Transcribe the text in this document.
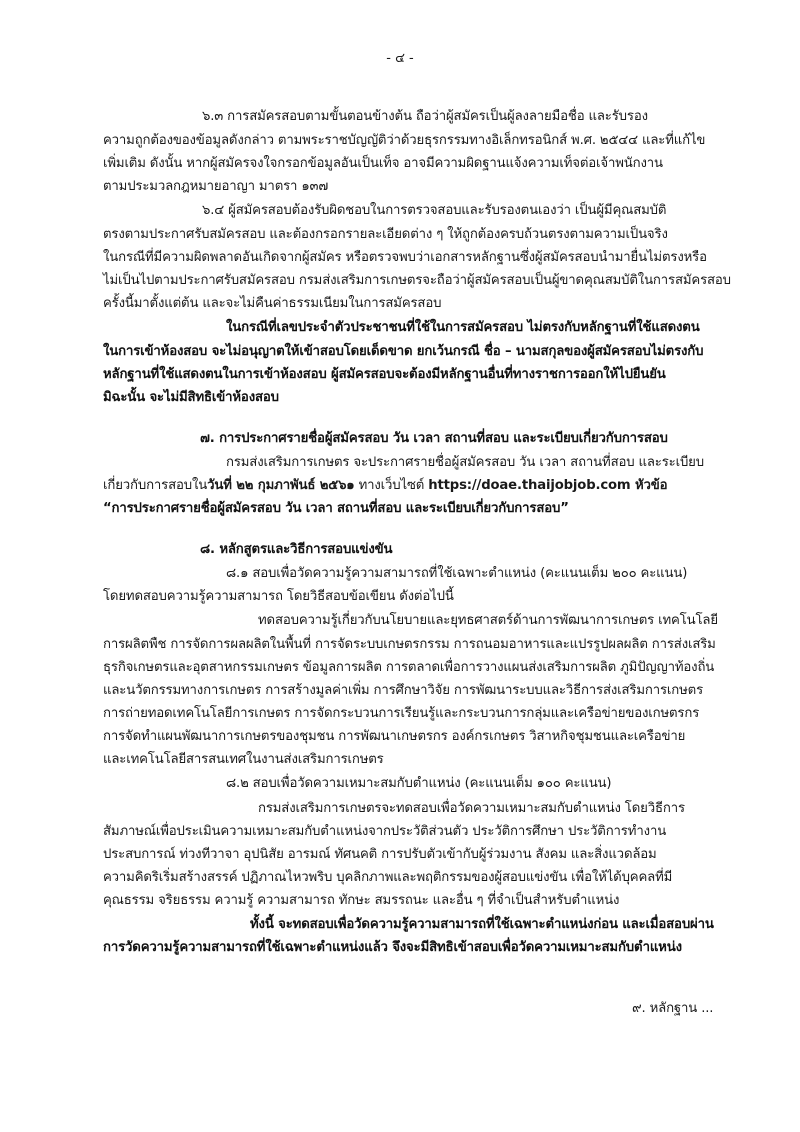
- ๔ -
๖.๓ การสมัครสอบตามขั้นตอนข้างต้น ถือว่าผู้สมัครเป็นผู้ลงลายมือชื่อ และรับรอง
ความถูกต้องของข้อมูลดังกล่าว ตามพระราชบัญญัติว่าด้วยธุรกรรมทางอิเล็กทรอนิกส์ พ.ศ. ๒๕๔๔ และที่แก้ไข
เพิ่มเติม ดังนั้น หากผู้สมัครจงใจกรอกข้อมูลอันเป็นเท็จ อาจมีความผิดฐานแจ้งความเท็จต่อเจ้าพนักงาน
ตามประมวลกฎหมายอาญา มาตรา ๑๓๗
๖.๔ ผู้สมัครสอบต้องรับผิดชอบในการตรวจสอบและรับรองตนเองว่า เป็นผู้มีคุณสมบัติ
ตรงตามประกาศรับสมัครสอบ และต้องกรอกรายละเอียดต่าง ๆ ให้ถูกต้องครบถ้วนตรงตามความเป็นจริง
ในกรณีที่มีความผิดพลาดอันเกิดจากผู้สมัคร หรือตรวจพบว่าเอกสารหลักฐานซึ่งผู้สมัครสอบนำมายื่นไม่ตรงหรือ
ไม่เป็นไปตามประกาศรับสมัครสอบ กรมส่งเสริมการเกษตรจะถือว่าผู้สมัครสอบเป็นผู้ขาดคุณสมบัติในการสมัครสอบ
ครั้งนี้มาตั้งแต่ต้น และจะไม่คืนค่าธรรมเนียมในการสมัครสอบ
ในกรณีที่เลขประจำตัวประชาชนที่ใช้ในการสมัครสอบ ไม่ตรงกับหลักฐานที่ใช้แสดงตน
ในการเข้าห้องสอบ จะไม่อนุญาตให้เข้าสอบโดยเด็ดขาด ยกเว้นกรณี ชื่อ – นามสกุลของผู้สมัครสอบไม่ตรงกับ
หลักฐานที่ใช้แสดงตนในการเข้าห้องสอบ ผู้สมัครสอบจะต้องมีหลักฐานอื่นที่ทางราชการออกให้ไปยืนยัน
มิฉะนั้น จะไม่มีสิทธิเข้าห้องสอบ
๗. การประกาศรายชื่อผู้สมัครสอบ วัน เวลา สถานที่สอบ และระเบียบเกี่ยวกับการสอบ
กรมส่งเสริมการเกษตร จะประกาศรายชื่อผู้สมัครสอบ วัน เวลา สถานที่สอบ และระเบียบ
เกี่ยวกับการสอบในวันที่ ๒๒ กุมภาพันธ์ ๒๕๖๑ ทางเว็บไซต์ https://doae.thaijobjob.com หัวข้อ
“การประกาศรายชื่อผู้สมัครสอบ วัน เวลา สถานที่สอบ และระเบียบเกี่ยวกับการสอบ”
๘. หลักสูตรและวิธีการสอบแข่งขัน
๘.๑ สอบเพื่อวัดความรู้ความสามารถที่ใช้เฉพาะตำแหน่ง (คะแนนเต็ม ๒๐๐ คะแนน)
โดยทดสอบความรู้ความสามารถ โดยวิธีสอบข้อเขียน ดังต่อไปนี้
ทดสอบความรู้เกี่ยวกับนโยบายและยุทธศาสตร์ด้านการพัฒนาการเกษตร เทคโนโลยี
การผลิตพืช การจัดการผลผลิตในพื้นที่ การจัดระบบเกษตรกรรม การถนอมอาหารและแปรรูปผลผลิต การส่งเสริม
ธุรกิจเกษตรและอุตสาหกรรมเกษตร ข้อมูลการผลิต การตลาดเพื่อการวางแผนส่งเสริมการผลิต ภูมิปัญญาท้องถิ่น
และนวัตกรรมทางการเกษตร การสร้างมูลค่าเพิ่ม การศึกษาวิจัย การพัฒนาระบบและวิธีการส่งเสริมการเกษตร
การถ่ายทอดเทคโนโลยีการเกษตร การจัดกระบวนการเรียนรู้และกระบวนการกลุ่มและเครือข่ายของเกษตรกร
การจัดทำแผนพัฒนาการเกษตรของชุมชน การพัฒนาเกษตรกร องค์กรเกษตร วิสาหกิจชุมชนและเครือข่าย
และเทคโนโลยีสารสนเทศในงานส่งเสริมการเกษตร
๘.๒ สอบเพื่อวัดความเหมาะสมกับตำแหน่ง (คะแนนเต็ม ๑๐๐ คะแนน)
กรมส่งเสริมการเกษตรจะทดสอบเพื่อวัดความเหมาะสมกับตำแหน่ง โดยวิธีการ
สัมภาษณ์เพื่อประเมินความเหมาะสมกับตำแหน่งจากประวัติส่วนตัว ประวัติการศึกษา ประวัติการทำงาน
ประสบการณ์ ท่วงทีวาจา อุปนิสัย อารมณ์ ทัศนคติ การปรับตัวเข้ากับผู้ร่วมงาน สังคม และสิ่งแวดล้อม
ความคิดริเริ่มสร้างสรรค์ ปฏิภาณไหวพริบ บุคลิกภาพและพฤติกรรมของผู้สอบแข่งขัน เพื่อให้ได้บุคคลที่มี
คุณธรรม จริยธรรม ความรู้ ความสามารถ ทักษะ สมรรถนะ และอื่น ๆ ที่จำเป็นสำหรับตำแหน่ง
ทั้งนี้ จะทดสอบเพื่อวัดความรู้ความสามารถที่ใช้เฉพาะตำแหน่งก่อน และเมื่อสอบผ่าน
การวัดความรู้ความสามารถที่ใช้เฉพาะตำแหน่งแล้ว จึงจะมีสิทธิเข้าสอบเพื่อวัดความเหมาะสมกับตำแหน่ง
๙. หลักฐาน ...
